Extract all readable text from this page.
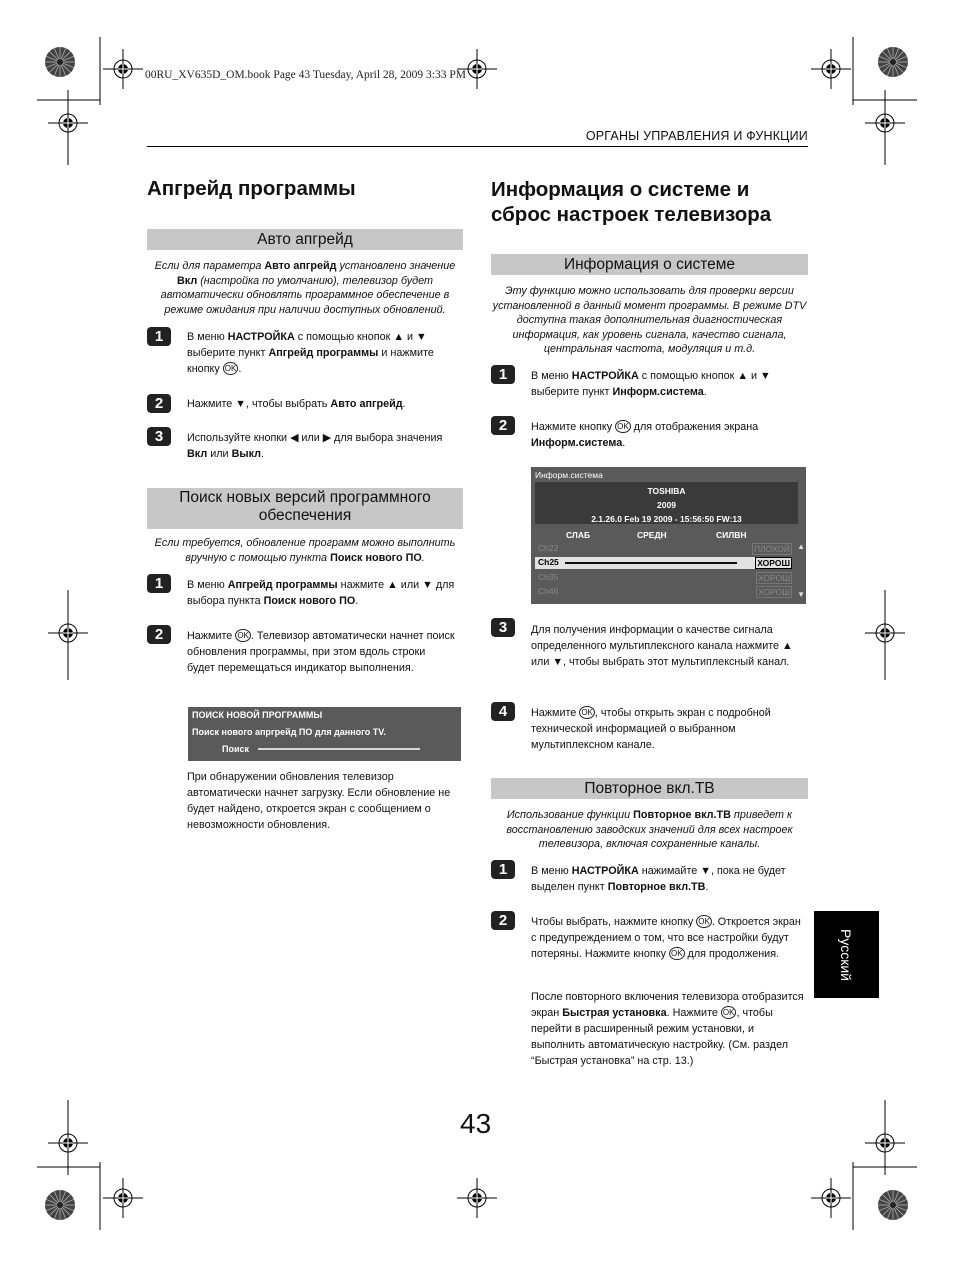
00RU_XV635D_OM.book Page 43 Tuesday, April 28, 2009 3:33 PM
ОРГАНЫ УПРАВЛЕНИЯ И ФУНКЦИИ
Апгрейд программы
Авто апгрейд
Если для параметра Авто апгрейд установлено значение Вкл (настройка по умолчанию), телевизор будет автоматически обновлять программное обеспечение в режиме ожидания при наличии доступных обновлений.
1	В меню НАСТРОЙКА с помощью кнопок ▲ и ▼ выберите пункт Апгрейд программы и нажмите кнопку OK .
2	Нажмите ▼, чтобы выбрать Авто апгрейд.
3	Используйте кнопки ◀ или ▶ для выбора значения Вкл или Выкл.
Поиск новых версий программного
обеспечения
Если требуется, обновление программ можно выполнить вручную с помощью пункта Поиск нового ПО.
1	В меню Апгрейд программы нажмите ▲ или ▼ для выбора пункта Поиск нового ПО.
2	Нажмите OK . Телевизор автоматически начнет поиск обновления программы, при этом вдоль строки будет перемещаться индикатор выполнения.
ПОИСК НОВОЙ ПРОГРАММЫ
Поиск нового апргрейд ПО для данного TV.
Поиск
При обнаружении обновления телевизор автоматически начнет загрузку. Если обновление не будет найдено, откроется экран с сообщением о невозможности обновления.
Информация о системе и
сброс настроек телевизора
Информация о системе
Эту функцию можно использовать для проверки версии установленной в данный момент программы. В режиме DTV доступна такая дополнительная диагностическая информация, как уровень сигнала, качество сигнала, центральная частота, модуляция и т.д.
1	В меню НАСТРОЙКА с помощью кнопок ▲ и ▼ выберите пункт Информ.система.
2	Нажмите кнопку OK для отображения экрана Информ.система.
Информ.система
TOSHIBA
2009
2.1.26.0 Feb 19 2009 - 15:56:50 FW:13
СЛАБ	СРЕДН	СИЛВН
Ch22	ПЛОХОЙ
Ch25	ХОРОШ
Ch35	ХОРОШ
Ch46	ХОРОШ
▲
▼
3	Для получения информации о качестве сигнала определенного мультиплексного канала нажмите ▲ или ▼, чтобы выбрать этот мультиплексный канал.
4	Нажмите OK , чтобы открыть экран с подробной технической информацией о выбранном мультиплексном канале.
Повторное вкл.ТВ
Использование функции Повторное вкл.ТВ приведет к восстановлению заводских значений для всех настроек телевизора, включая сохраненные каналы.
1	В меню НАСТРОЙКА нажимайте ▼, пока не будет выделен пункт Повторное вкл.ТВ.
2	Чтобы выбрать, нажмите кнопку OK . Откроется экран с предупреждением о том, что все настройки будут потеряны. Нажмите кнопку OK для продолжения.
После повторного включения телевизора отобразится экран Быстрая установка. Нажмите OK , чтобы перейти в расширенный режим установки, и выполнить автоматическую настройку. (См. раздел “Быстрая установка” на стр. 13.)
Русский
43
